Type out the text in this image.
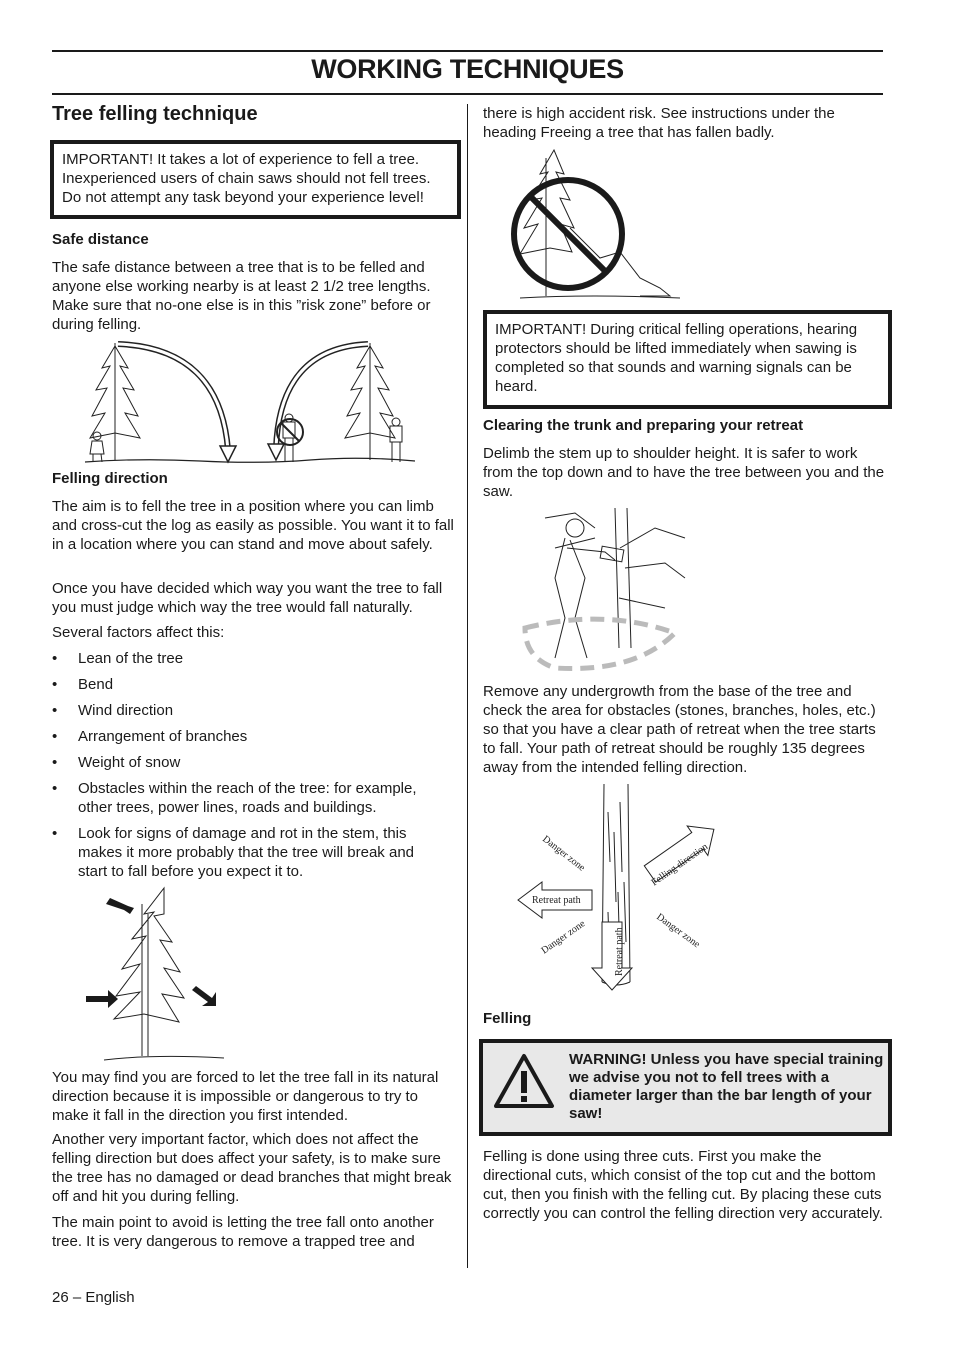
WORKING TECHNIQUES
Tree felling technique
IMPORTANT! It takes a lot of experience to fell a tree. Inexperienced users of chain saws should not fell trees. Do not attempt any task beyond your experience level!

Safe distance

The safe distance between a tree that is to be felled and anyone else working nearby is at least 2 1/2 tree lengths. Make sure that no-one else is in this ”risk zone” before or during felling.

Felling direction

The aim is to fell the tree in a position where you can limb and cross-cut the log as easily as possible. You want it to fall in a location where you can stand and move about safely.

Once you have decided which way you want the tree to fall you must judge which way the tree would fall naturally.

Several factors affect this:

• Lean of the tree
• Bend
• Wind direction
• Arrangement of branches
• Weight of snow
• Obstacles within the reach of the tree: for example, other trees, power lines, roads and buildings.
• Look for signs of damage and rot in the stem, this makes it more probably that the tree will break and start to fall before you expect it to.

You may find you are forced to let the tree fall in its natural direction because it is impossible or dangerous to try to make it fall in the direction you first intended.

Another very important factor, which does not affect the felling direction but does affect your safety, is to make sure the tree has no damaged or dead branches that might break off and hit you during felling.

The main point to avoid is letting the tree fall onto another tree. It is very dangerous to remove a trapped tree and

there is high accident risk. See instructions under the heading Freeing a tree that has fallen badly.

IMPORTANT! During critical felling operations, hearing protectors should be lifted immediately when sawing is completed so that sounds and warning signals can be heard.

Clearing the trunk and preparing your retreat

Delimb the stem up to shoulder height. It is safer to work from the top down and to have the tree between you and the saw.

Remove any undergrowth from the base of the tree and check the area for obstacles (stones, branches, holes, etc.) so that you have a clear path of retreat when the tree starts to fall. Your path of retreat should be roughly 135 degrees away from the intended felling direction.

Danger zone
Danger zone	Danger zone
Felling direction
Retreat path
Retreat path

Felling

WARNING! Unless you have special training we advise you not to fell trees with a diameter larger than the bar length of your saw!

Felling is done using three cuts. First you make the directional cuts, which consist of the top cut and the bottom cut, then you finish with the felling cut. By placing these cuts correctly you can control the felling direction very accurately.

26 – English
